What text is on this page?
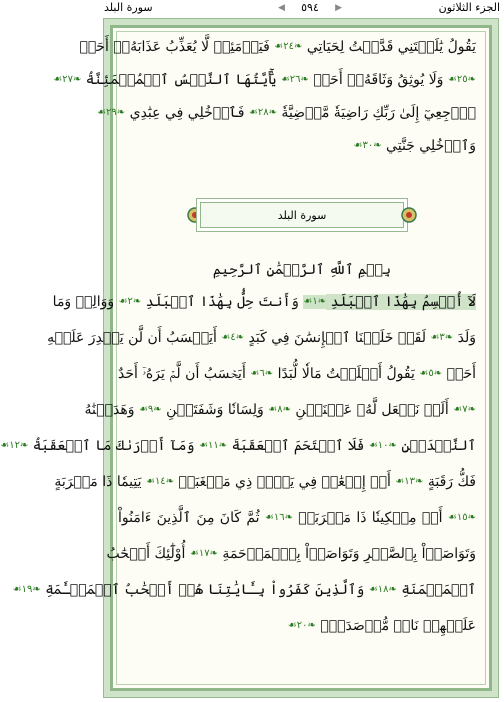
الجزء الثلاثون
◀ ٥٩٤ ▶
سورة البلد
يَقُولُ يَٰلَيۡتَنِي قَدَّمۡتُ لِحَيَاتِي ❧٢٤☙ فَيَوۡمَئِذٖ لَّا يُعَذِّبُ عَذَابَهُۥٓ أَحَدٞ
❧٢٥☙ وَلَا يُوثِقُ وَثَاقَهُۥٓ أَحَدٞ ❧٢٦☙ يَٰٓأَيَّتُهَا ٱلنَّفۡسُ ٱلۡمُطۡمَئِنَّةُ ❧٢٧☙
ٱرۡجِعِيٓ إِلَىٰ رَبِّكِ رَاضِيَةٗ مَّرۡضِيَّةٗ ❧٢٨☙ فَٱدۡخُلِي فِي عِبَٰدِي ❧٢٩☙
وَٱدۡخُلِي جَنَّتِي ❧٣٠☙
سورة البلد
بِسۡمِ ٱللَّهِ ٱلرَّحۡمَٰنِ ٱلرَّحِيمِ
لَآ أُقۡسِمُ بِهَٰذَا ٱلۡبَلَدِ ❧١☙ وَأَنتَ حِلُّۢ بِهَٰذَا ٱلۡبَلَدِ ❧٢☙ وَوَالِدٖ وَمَا
وَلَدَ ❧٣☙ لَقَدۡ خَلَقۡنَا ٱلۡإِنسَٰنَ فِي كَبَدٍ ❧٤☙ أَيَحۡسَبُ أَن لَّن يَقۡدِرَ عَلَيۡهِ
أَحَدٞ ❧٥☙ يَقُولُ أَهۡلَكۡتُ مَالٗا لُّبَدًا ❧٦☙ أَيَحۡسَبُ أَن لَّمۡ يَرَهُۥٓ أَحَدٌ
❧٧☙ أَلَمۡ نَجۡعَل لَّهُۥ عَيۡنَيۡنِ ❧٨☙ وَلِسَانٗا وَشَفَتَيۡنِ ❧٩☙ وَهَدَيۡنَٰهُ
ٱلنَّجۡدَيۡنِ ❧١٠☙ فَلَا ٱقۡتَحَمَ ٱلۡعَقَبَةَ ❧١١☙ وَمَآ أَدۡرَىٰكَ مَا ٱلۡعَقَبَةُ ❧١٢☙
فَكُّ رَقَبَةٍ ❧١٣☙ أَوۡ إِطۡعَٰمٞ فِي يَوۡمٖ ذِي مَسۡغَبَةٖ ❧١٤☙ يَتِيمٗا ذَا مَقۡرَبَةٍ
❧١٥☙ أَوۡ مِسۡكِينٗا ذَا مَتۡرَبَةٖ ❧١٦☙ ثُمَّ كَانَ مِنَ ٱلَّذِينَ ءَامَنُواْ
وَتَوَاصَوۡاْ بِٱلصَّبۡرِ وَتَوَاصَوۡاْ بِٱلۡمَرۡحَمَةِ ❧١٧☙ أُوْلَٰٓئِكَ أَصۡحَٰبُ
ٱلۡمَيۡمَنَةِ ❧١٨☙ وَٱلَّذِينَ كَفَرُواْ بِـَٔايَٰتِنَا هُمۡ أَصۡحَٰبُ ٱلۡمَشۡـَٔمَةِ ❧١٩☙
عَلَيۡهِمۡ نَارٞ مُّؤۡصَدَةُۢ ❧٢٠☙
